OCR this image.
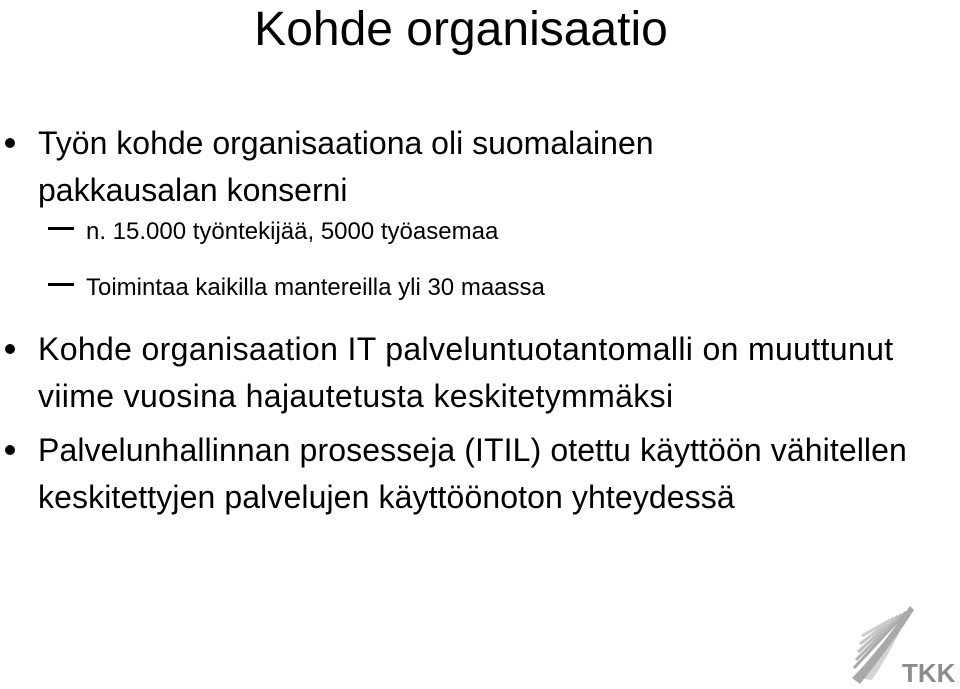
Kohde organisaatio
Työn kohde organisaationa oli suomalainen pakkausalan konserni
n. 15.000 työntekijää, 5000 työasemaa
Toimintaa kaikilla mantereilla yli 30 maassa
Kohde organisaation IT palveluntuotantomalli on muuttunut viime vuosina hajautetusta keskitetymmäksi
Palvelunhallinnan prosesseja (ITIL) otettu käyttöön vähitellen keskitettyjen palvelujen käyttöönoton yhteydessä
TKK
